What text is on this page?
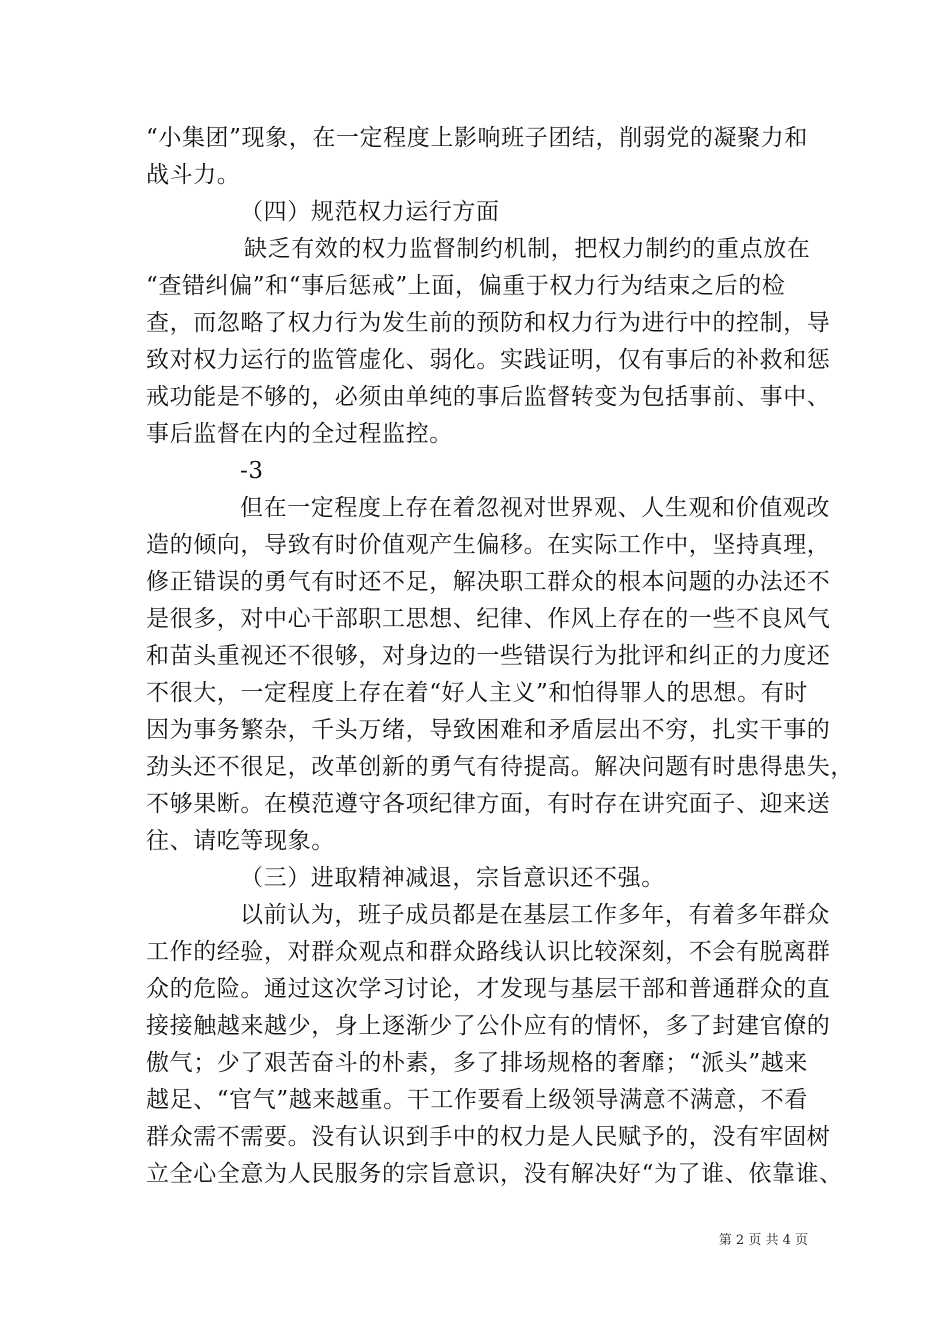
“小集团”现象，在一定程度上影响班子团结，削弱党的凝聚力和
战斗力。
（四）规范权力运行方面
缺乏有效的权力监督制约机制，把权力制约的重点放在
“查错纠偏”和“事后惩戒”上面，偏重于权力行为结束之后的检
查，而忽略了权力行为发生前的预防和权力行为进行中的控制，导
致对权力运行的监管虚化、弱化。实践证明，仅有事后的补救和惩
戒功能是不够的，必须由单纯的事后监督转变为包括事前、事中、
事后监督在内的全过程监控。
-3
但在一定程度上存在着忽视对世界观、人生观和价值观改
造的倾向，导致有时价值观产生偏移。在实际工作中，坚持真理，
修正错误的勇气有时还不足，解决职工群众的根本问题的办法还不
是很多，对中心干部职工思想、纪律、作风上存在的一些不良风气
和苗头重视还不很够，对身边的一些错误行为批评和纠正的力度还
不很大，一定程度上存在着“好人主义”和怕得罪人的思想。有时
因为事务繁杂，千头万绪，导致困难和矛盾层出不穷，扎实干事的
劲头还不很足，改革创新的勇气有待提高。解决问题有时患得患失，
不够果断。在模范遵守各项纪律方面，有时存在讲究面子、迎来送
往、请吃等现象。
（三）进取精神减退，宗旨意识还不强。
以前认为，班子成员都是在基层工作多年，有着多年群众
工作的经验，对群众观点和群众路线认识比较深刻，不会有脱离群
众的危险。通过这次学习讨论，才发现与基层干部和普通群众的直
接接触越来越少，身上逐渐少了公仆应有的情怀，多了封建官僚的
傲气；少了艰苦奋斗的朴素，多了排场规格的奢靡；“派头”越来
越足、“官气”越来越重。干工作要看上级领导满意不满意，不看
群众需不需要。没有认识到手中的权力是人民赋予的，没有牢固树
立全心全意为人民服务的宗旨意识，没有解决好“为了谁、依靠谁、
第 2 页 共 4 页
